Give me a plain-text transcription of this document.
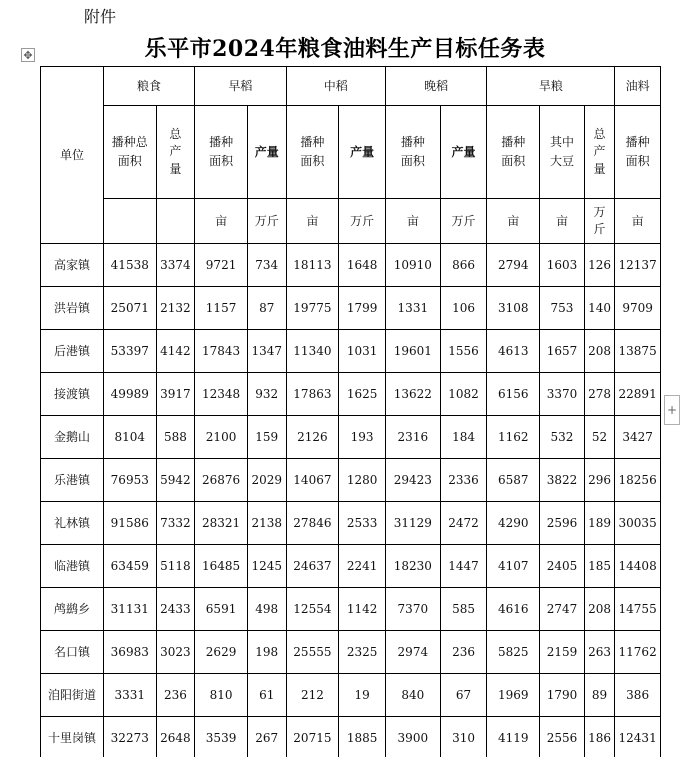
附件
乐平市2024年粮食油料生产目标任务表
✥
单位	粮食		早稻		中稻		晚稻		旱粮			油料
	播种总面积	总产量	播种面积	产量	播种面积	产量	播种面积	产量	播种面积	其中大豆	总产量	播种面积
			亩	万斤	亩	万斤	亩	万斤	亩	亩	万斤	亩
高家镇	41538	3374	9721	734	18113	1648	10910	866	2794	1603	126	12137
洪岩镇	25071	2132	1157	87	19775	1799	1331	106	3108	753	140	9709
后港镇	53397	4142	17843	1347	11340	1031	19601	1556	4613	1657	208	13875
接渡镇	49989	3917	12348	932	17863	1625	13622	1082	6156	3370	278	22891
金鹅山	8104	588	2100	159	2126	193	2316	184	1162	532	52	3427
乐港镇	76953	5942	26876	2029	14067	1280	29423	2336	6587	3822	296	18256
礼林镇	91586	7332	28321	2138	27846	2533	31129	2472	4290	2596	189	30035
临港镇	63459	5118	16485	1245	24637	2241	18230	1447	4107	2405	185	14408
鸬鹚乡	31131	2433	6591	498	12554	1142	7370	585	4616	2747	208	14755
名口镇	36983	3023	2629	198	25555	2325	2974	236	5825	2159	263	11762
洎阳街道	3331	236	810	61	212	19	840	67	1969	1790	89	386
十里岗镇	32273	2648	3539	267	20715	1885	3900	310	4119	2556	186	12431
+
